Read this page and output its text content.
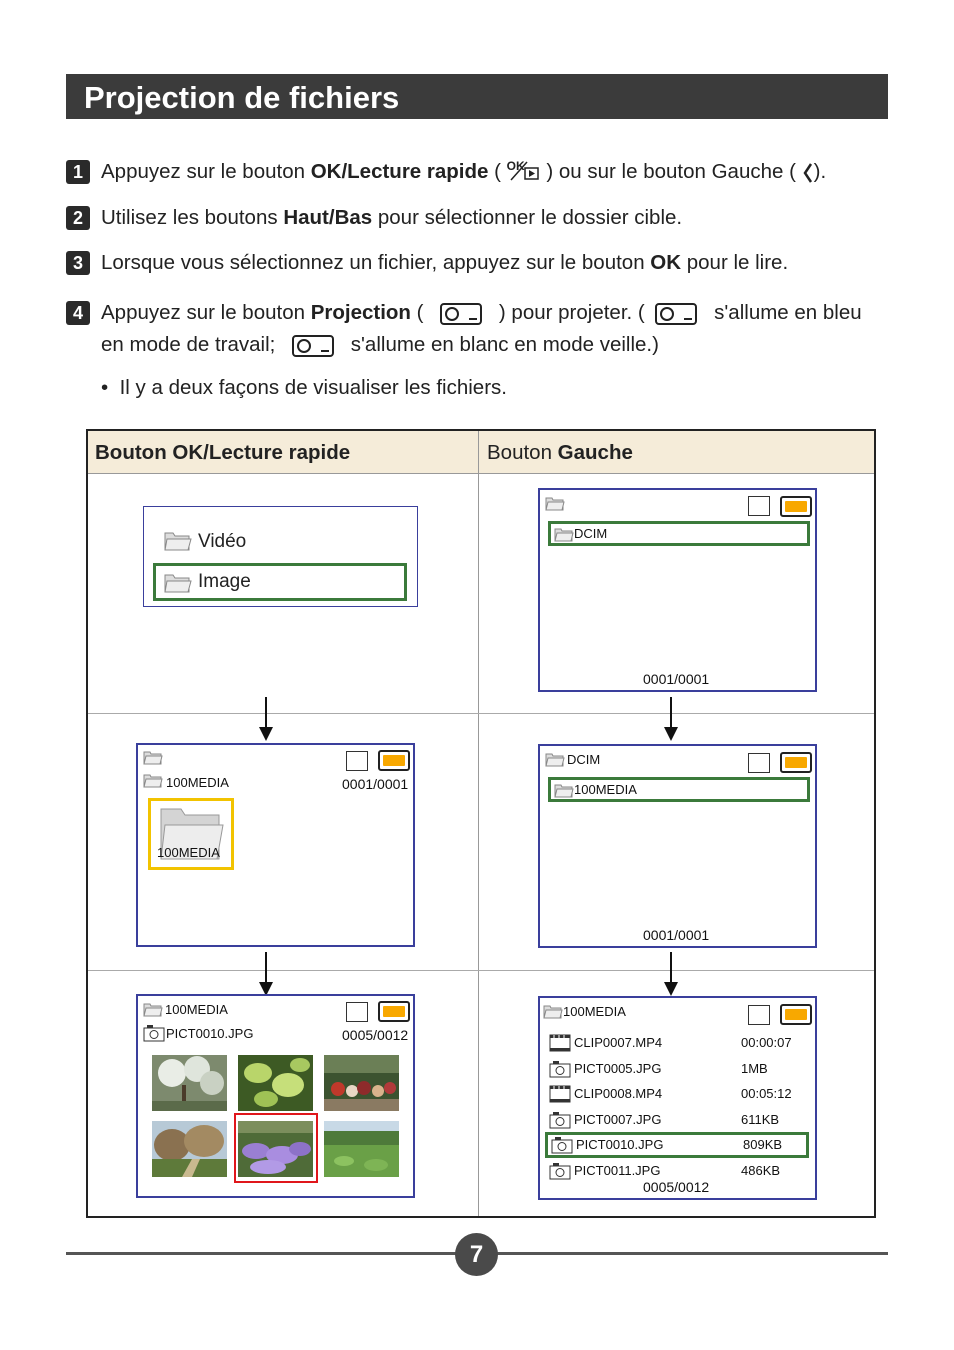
Projection de fichiers
1 Appuyez sur le bouton OK/Lecture rapide ( OK ) ou sur le bouton Gauche ( ).
2 Utilisez les boutons Haut/Bas pour sélectionner le dossier cible.
3 Lorsque vous sélectionnez un fichier, appuyez sur le bouton OK pour le lire.
4 Appuyez sur le bouton Projection (	) pour projeter. (	s'allume en bleu
en mode de travail;	s'allume en blanc en mode veille.)
•  Il y a deux façons de visualiser les fichiers.
Bouton OK/Lecture rapide	Bouton Gauche
Vidéo
Image
DCIM
0001/0001
100MEDIA	0001/0001
100MEDIA
DCIM
100MEDIA
0001/0001
100MEDIA
PICT0010.JPG	0005/0012
100MEDIA
CLIP0007.MP4	00:00:07
PICT0005.JPG	1MB
CLIP0008.MP4	00:05:12
PICT0007.JPG	611KB
PICT0010.JPG	809KB
PICT0011.JPG	486KB
0005/0012
7
